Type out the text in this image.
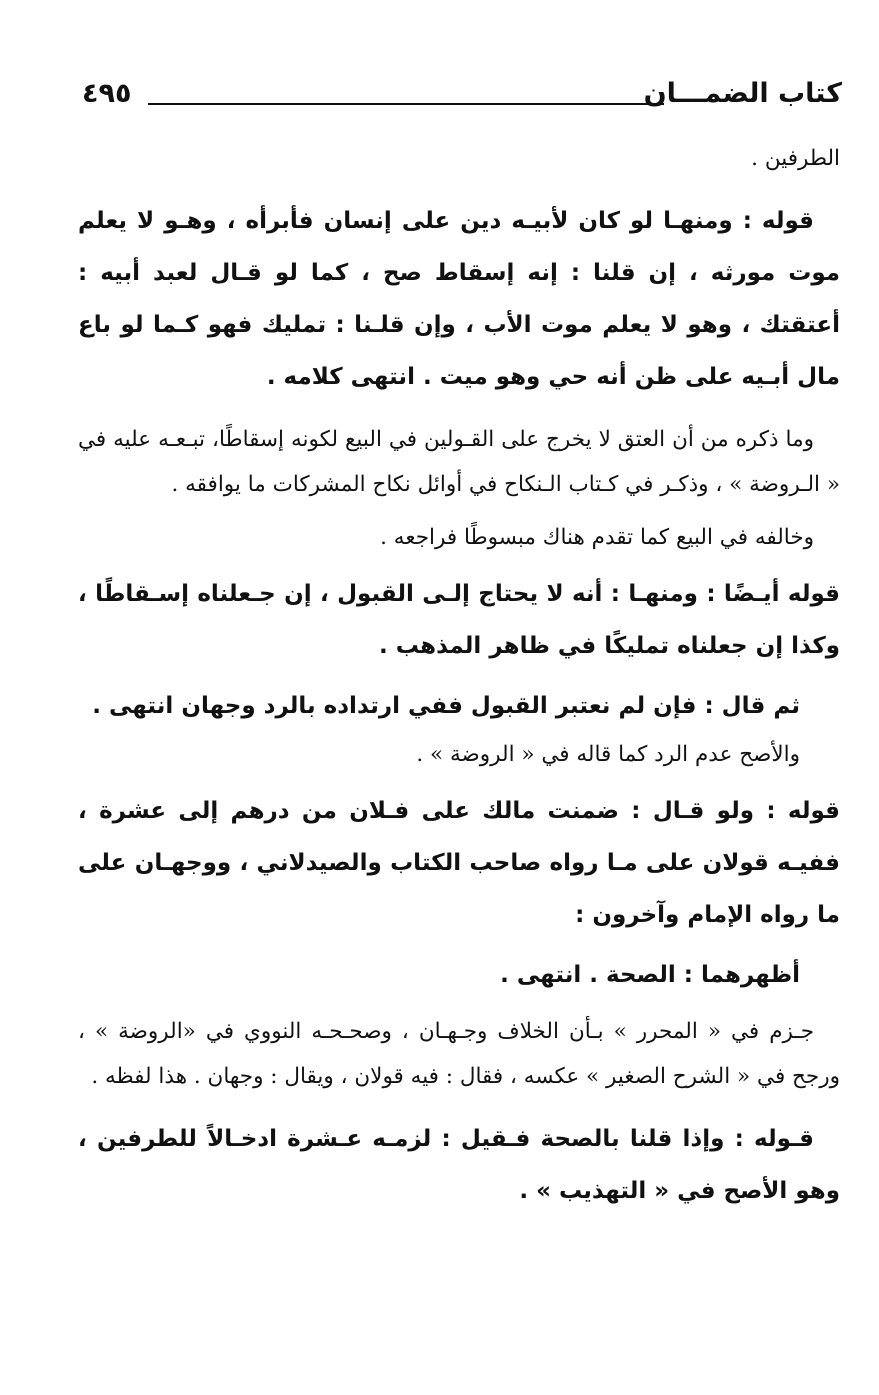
كتاب الضمـــان
٤٩٥

الطرفين .

قوله : ومنهـا لو كان لأبيـه دين على إنسان فأبرأه ، وهـو لا يعلم موت مورثه ، إن قلنا : إنه إسقاط صح ، كما لو قـال لعبد أبيه : أعتقتك ، وهو لا يعلم موت الأب ، وإن قلـنا : تمليك فهو كـما لو باع مال أبـيه على ظن أنه حي وهو ميت . انتهى كلامه .

وما ذكره من أن العتق لا يخرج على القـولين في البيع لكونه إسقاطًا، تبـعـه عليه في « الـروضة » ، وذكـر في كـتاب الـنكاح في أوائل نكاح المشركات ما يوافقه .

وخالفه في البيع كما تقدم هناك مبسوطًا فراجعه .

قوله أيـضًا : ومنهـا : أنه لا يحتاج إلـى القبول ، إن جـعلناه إسـقاطًا ، وكذا إن جعلناه تمليكًا في ظاهر المذهب .

ثم قال : فإن لم نعتبر القبول ففي ارتداده بالرد وجهان انتهى .

والأصح عدم الرد كما قاله في « الروضة » .

قوله : ولو قـال : ضمنت مالك على فـلان من درهم إلى عشرة ، ففيـه قولان على مـا رواه صاحب الكتاب والصيدلاني ، ووجهـان على ما رواه الإمام وآخرون :

أظهرهما : الصحة . انتهى .

جـزم في « المحرر » بـأن الخلاف وجـهـان ، وصحـحـه النووي في «الروضة » ، ورجح في « الشرح الصغير » عكسه ، فقال : فيه قولان ، ويقال : وجهان . هذا لفظه .

قـوله : وإذا قلنا بالصحة فـقيل : لزمـه عـشرة ادخـالاً للطرفين ، وهو الأصح في « التهذيب » .
